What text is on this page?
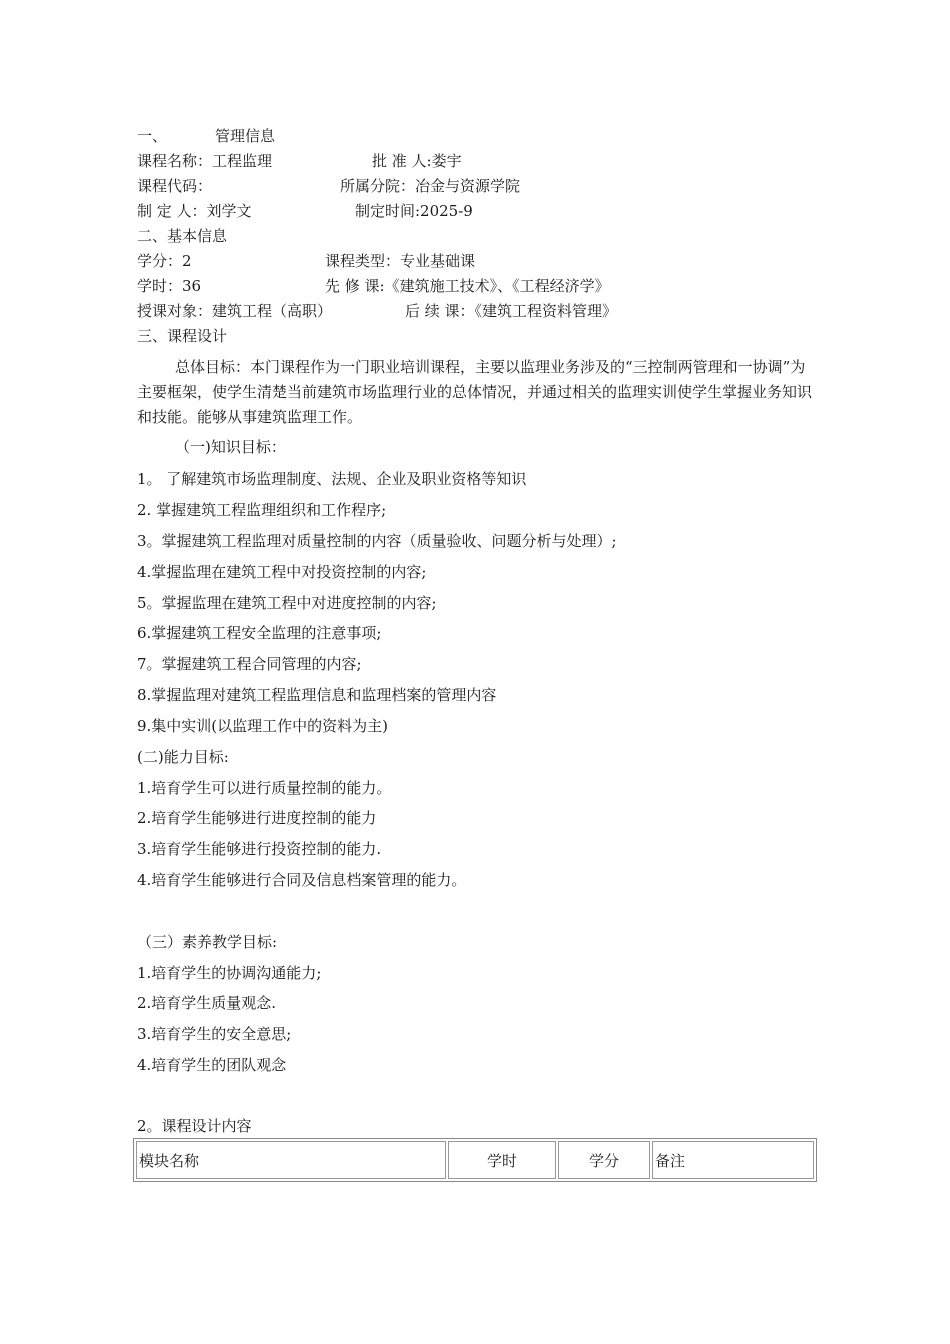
一、	管理信息
课程名称：工程监理	批 准 人:娄宇
课程代码：	所属分院：冶金与资源学院
制 定 人：刘学文	制定时间:2025-9
二、基本信息
学分：2	课程类型：专业基础课
学时：36	先 修 课:《建筑施工技术》、《工程经济学》
授课对象：建筑工程（高职）	后 续 课：《建筑工程资料管理》
三、课程设计
总体目标：本门课程作为一门职业培训课程，主要以监理业务涉及的“三控制两管理和一协调”为主要框架，使学生清楚当前建筑市场监理行业的总体情况，并通过相关的监理实训使学生掌握业务知识和技能。能够从事建筑监理工作。
（一)知识目标：
1。 了解建筑市场监理制度、法规、企业及职业资格等知识
2. 掌握建筑工程监理组织和工作程序;
3。掌握建筑工程监理对质量控制的内容（质量验收、问题分析与处理）;
4.掌握监理在建筑工程中对投资控制的内容;
5。掌握监理在建筑工程中对进度控制的内容;
6.掌握建筑工程安全监理的注意事项;
7。掌握建筑工程合同管理的内容;
8.掌握监理对建筑工程监理信息和监理档案的管理内容
9.集中实训(以监理工作中的资料为主)
(二)能力目标:
1.培育学生可以进行质量控制的能力。
2.培育学生能够进行进度控制的能力
3.培育学生能够进行投资控制的能力.
4.培育学生能够进行合同及信息档案管理的能力。
（三）素养教学目标:
1.培育学生的协调沟通能力;
2.培育学生质量观念.
3.培育学生的安全意思;
4.培育学生的团队观念
2。课程设计内容
模块名称	学时	学分	备注
